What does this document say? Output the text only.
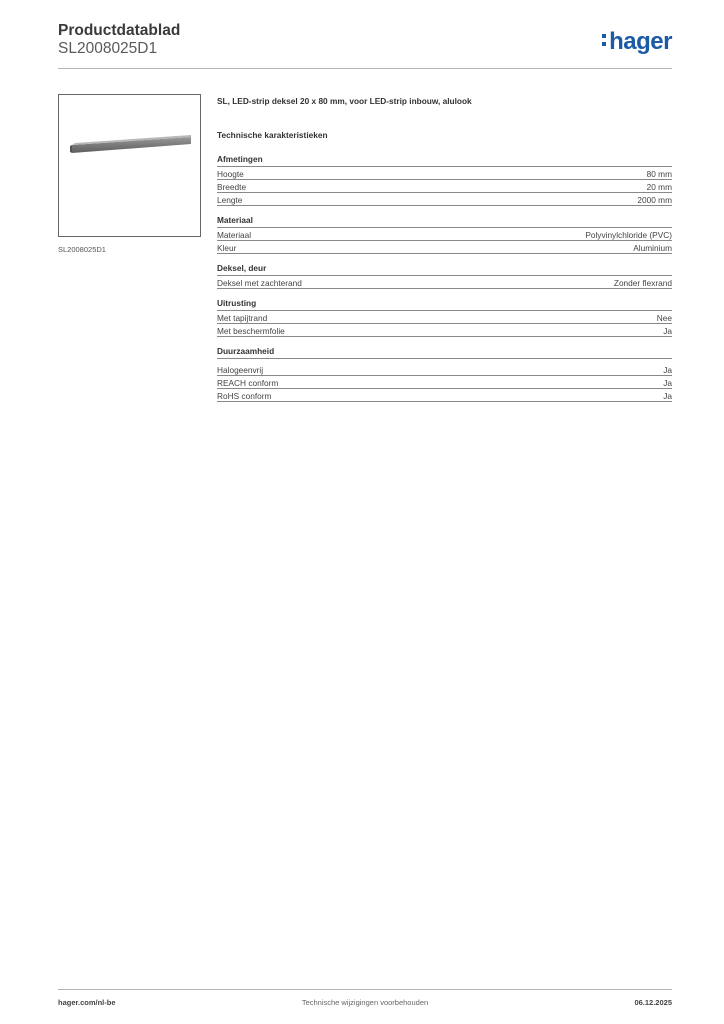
Productdatablad
SL2008025D1	hager
SL2008025D1
SL, LED-strip deksel 20 x 80 mm, voor LED-strip inbouw, alulook
Technische karakteristieken
Afmetingen
Hoogte	80 mm
Breedte	20 mm
Lengte	2000 mm
Materiaal
Materiaal	Polyvinylchloride (PVC)
Kleur	Aluminium
Deksel, deur
Deksel met zachterand	Zonder flexrand
Uitrusting
Met tapijtrand	Nee
Met beschermfolie	Ja
Duurzaamheid
Halogeenvrij	Ja
REACH conform	Ja
RoHS conform	Ja
hager.com/nl-be	Technische wijzigingen voorbehouden	06.12.2025
